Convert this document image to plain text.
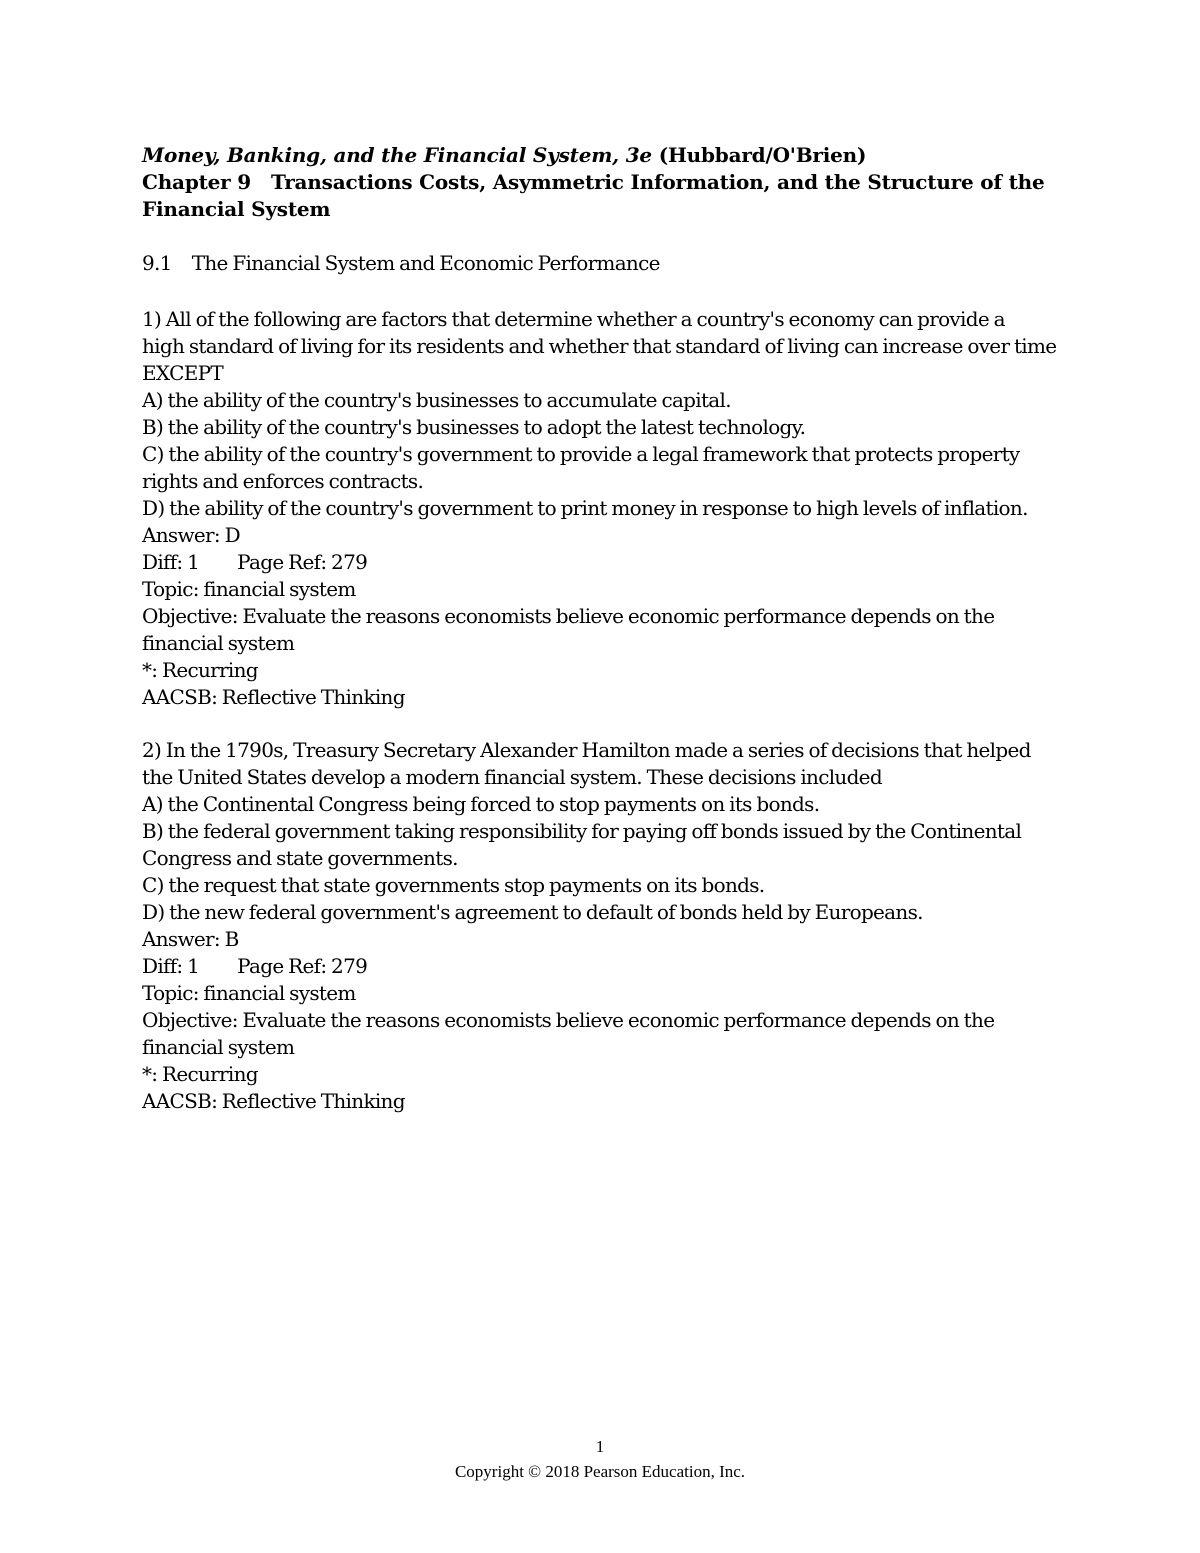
Money, Banking, and the Financial System, 3e (Hubbard/O'Brien)
Chapter 9 Transactions Costs, Asymmetric Information, and the Structure of the
Financial System
9.1 The Financial System and Economic Performance
1) All of the following are factors that determine whether a country's economy can provide a
high standard of living for its residents and whether that standard of living can increase over time
EXCEPT
A) the ability of the country's businesses to accumulate capital.
B) the ability of the country's businesses to adopt the latest technology.
C) the ability of the country's government to provide a legal framework that protects property
rights and enforces contracts.
D) the ability of the country's government to print money in response to high levels of inflation.
Answer: D
Diff: 1 Page Ref: 279
Topic: financial system
Objective: Evaluate the reasons economists believe economic performance depends on the
financial system
*: Recurring
AACSB: Reflective Thinking
2) In the 1790s, Treasury Secretary Alexander Hamilton made a series of decisions that helped
the United States develop a modern financial system. These decisions included
A) the Continental Congress being forced to stop payments on its bonds.
B) the federal government taking responsibility for paying off bonds issued by the Continental
Congress and state governments.
C) the request that state governments stop payments on its bonds.
D) the new federal government's agreement to default of bonds held by Europeans.
Answer: B
Diff: 1 Page Ref: 279
Topic: financial system
Objective: Evaluate the reasons economists believe economic performance depends on the
financial system
*: Recurring
AACSB: Reflective Thinking
1
Copyright © 2018 Pearson Education, Inc.
